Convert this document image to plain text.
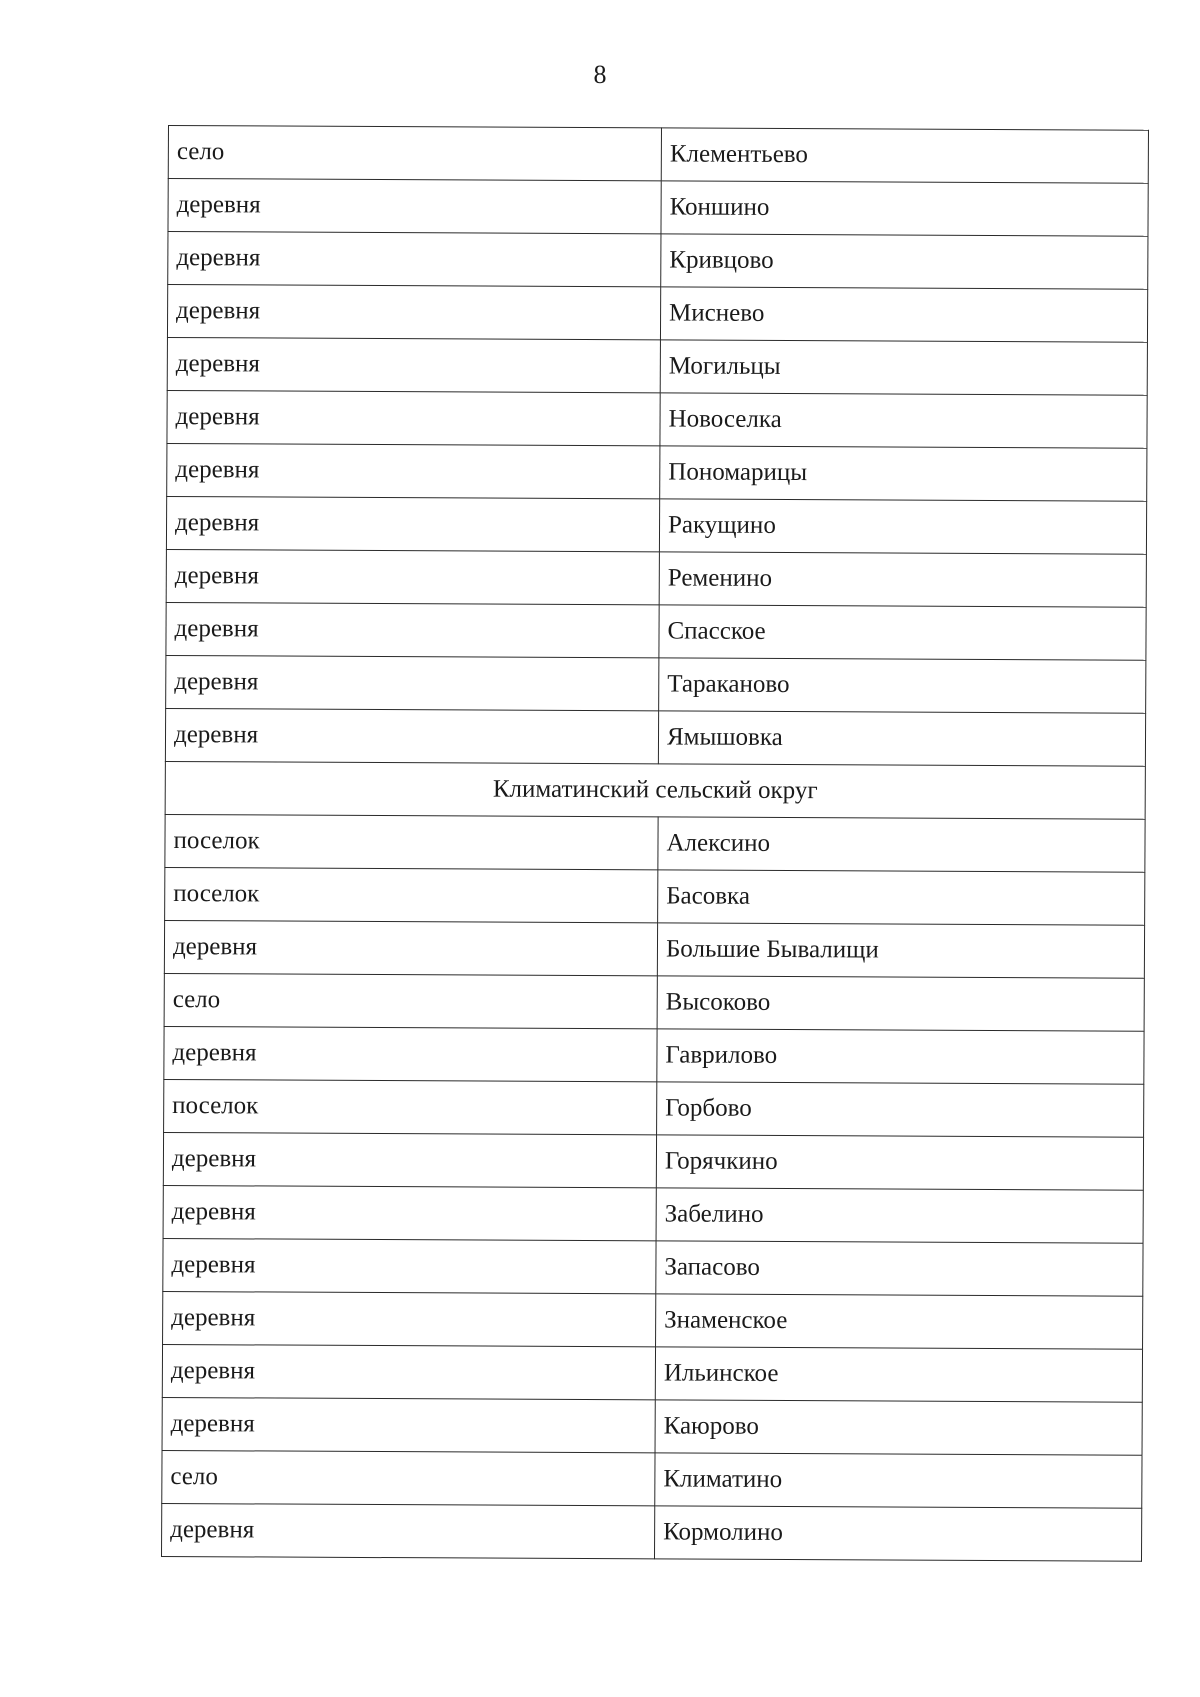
8
село	Клементьево
деревня	Коншино
деревня	Кривцово
деревня	Миснево
деревня	Могильцы
деревня	Новоселка
деревня	Пономарицы
деревня	Ракущино
деревня	Ременино
деревня	Спасское
деревня	Тараканово
деревня	Ямышовка
Климатинский сельский округ	
поселок	Алексино
поселок	Басовка
деревня	Большие Бывалищи
село	Высоково
деревня	Гаврилово
поселок	Горбово
деревня	Горячкино
деревня	Забелино
деревня	Запасово
деревня	Знаменское
деревня	Ильинское
деревня	Каюрово
село	Климатино
деревня	Кормолино
